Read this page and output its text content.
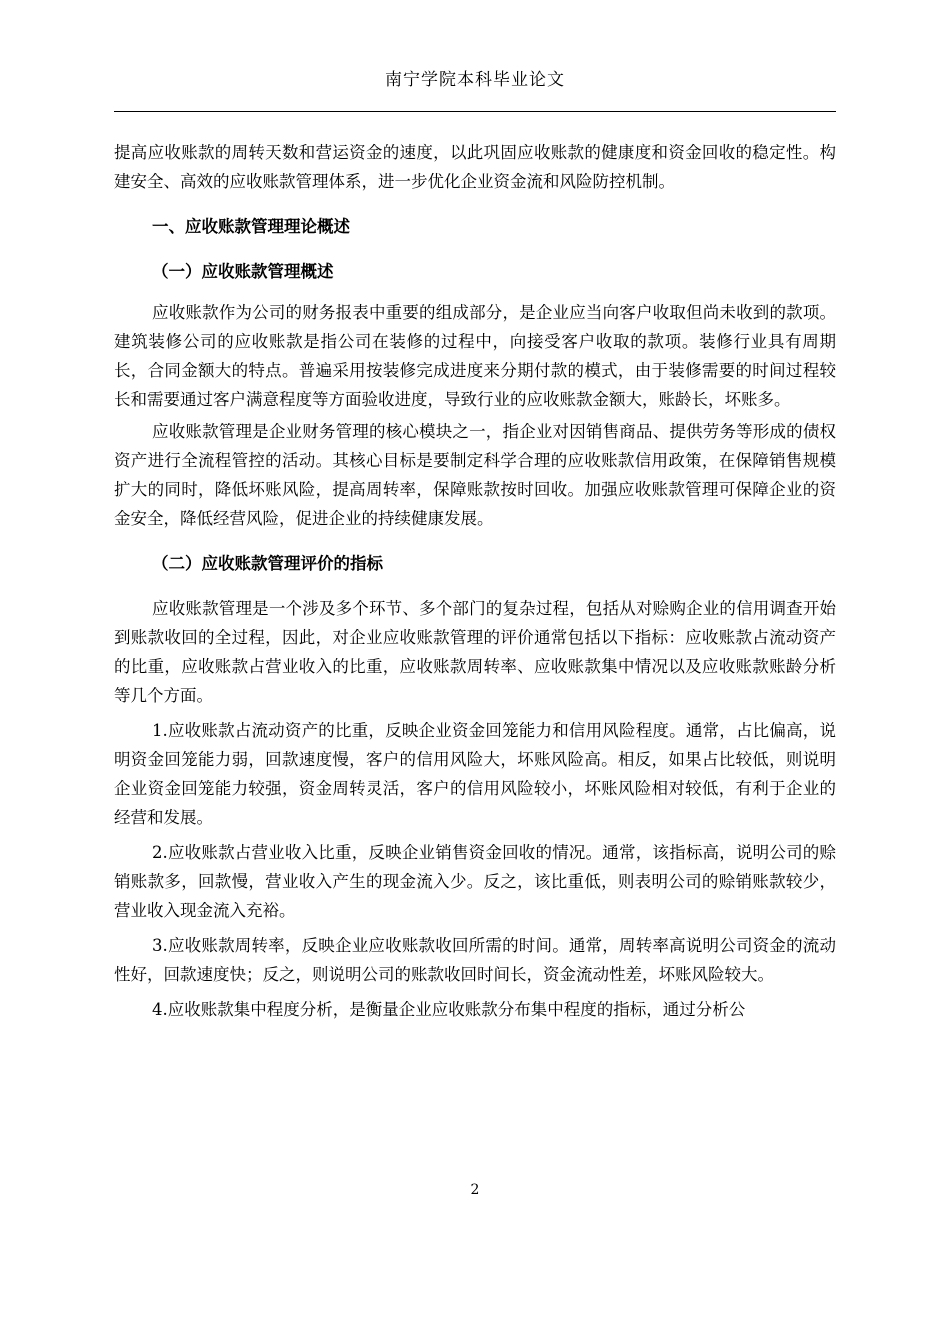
南宁学院本科毕业论文

提高应收账款的周转天数和营运资金的速度，以此巩固应收账款的健康度和资金回收的稳定性。构建安全、高效的应收账款管理体系，进一步优化企业资金流和风险防控机制。

一、应收账款管理理论概述

（一）应收账款管理概述

应收账款作为公司的财务报表中重要的组成部分，是企业应当向客户收取但尚未收到的款项。建筑装修公司的应收账款是指公司在装修的过程中，向接受客户收取的款项。装修行业具有周期长，合同金额大的特点。普遍采用按装修完成进度来分期付款的模式，由于装修需要的时间过程较长和需要通过客户满意程度等方面验收进度，导致行业的应收账款金额大，账龄长，坏账多。

应收账款管理是企业财务管理的核心模块之一，指企业对因销售商品、提供劳务等形成的债权资产进行全流程管控的活动。其核心目标是要制定科学合理的应收账款信用政策，在保障销售规模扩大的同时，降低坏账风险，提高周转率，保障账款按时回收。加强应收账款管理可保障企业的资金安全，降低经营风险，促进企业的持续健康发展。

（二）应收账款管理评价的指标

应收账款管理是一个涉及多个环节、多个部门的复杂过程，包括从对赊购企业的信用调查开始到账款收回的全过程，因此，对企业应收账款管理的评价通常包括以下指标：应收账款占流动资产的比重，应收账款占营业收入的比重，应收账款周转率、应收账款集中情况以及应收账款账龄分析等几个方面。

1.应收账款占流动资产的比重，反映企业资金回笼能力和信用风险程度。通常，占比偏高，说明资金回笼能力弱，回款速度慢，客户的信用风险大，坏账风险高。相反，如果占比较低，则说明企业资金回笼能力较强，资金周转灵活，客户的信用风险较小，坏账风险相对较低，有利于企业的经营和发展。

2.应收账款占营业收入比重，反映企业销售资金回收的情况。通常，该指标高，说明公司的赊销账款多，回款慢，营业收入产生的现金流入少。反之，该比重低，则表明公司的赊销账款较少，营业收入现金流入充裕。

3.应收账款周转率，反映企业应收账款收回所需的时间。通常，周转率高说明公司资金的流动性好，回款速度快；反之，则说明公司的账款收回时间长，资金流动性差，坏账风险较大。

4.应收账款集中程度分析，是衡量企业应收账款分布集中程度的指标，通过分析公

2
